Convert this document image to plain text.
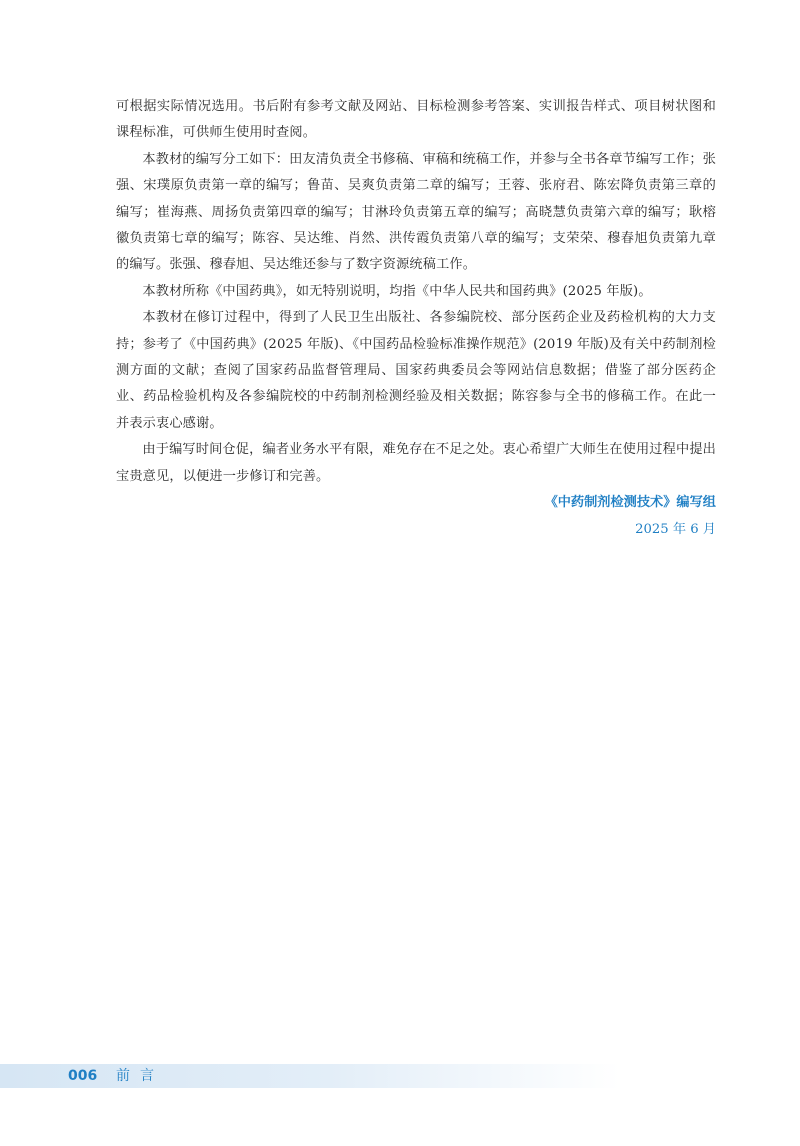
可根据实际情况选用。书后附有参考文献及网站、目标检测参考答案、实训报告样式、项目树状图和课程标准，可供师生使用时查阅。

本教材的编写分工如下：田友清负责全书修稿、审稿和统稿工作，并参与全书各章节编写工作；张强、宋璞原负责第一章的编写；鲁苗、吴爽负责第二章的编写；王蓉、张府君、陈宏降负责第三章的编写；崔海燕、周扬负责第四章的编写；甘淋玲负责第五章的编写；高晓慧负责第六章的编写；耿榕徽负责第七章的编写；陈容、吴达维、肖然、洪传霞负责第八章的编写；支荣荣、穆春旭负责第九章的编写。张强、穆春旭、吴达维还参与了数字资源统稿工作。

本教材所称《中国药典》，如无特别说明，均指《中华人民共和国药典》(2025 年版)。

本教材在修订过程中，得到了人民卫生出版社、各参编院校、部分医药企业及药检机构的大力支持；参考了《中国药典》(2025 年版)、《中国药品检验标准操作规范》(2019 年版)及有关中药制剂检测方面的文献；查阅了国家药品监督管理局、国家药典委员会等网站信息数据；借鉴了部分医药企业、药品检验机构及各参编院校的中药制剂检测经验及相关数据；陈容参与全书的修稿工作。在此一并表示衷心感谢。

由于编写时间仓促，编者业务水平有限，难免存在不足之处。衷心希望广大师生在使用过程中提出宝贵意见，以便进一步修订和完善。

《中药制剂检测技术》编写组

2025 年 6 月

006 前言
